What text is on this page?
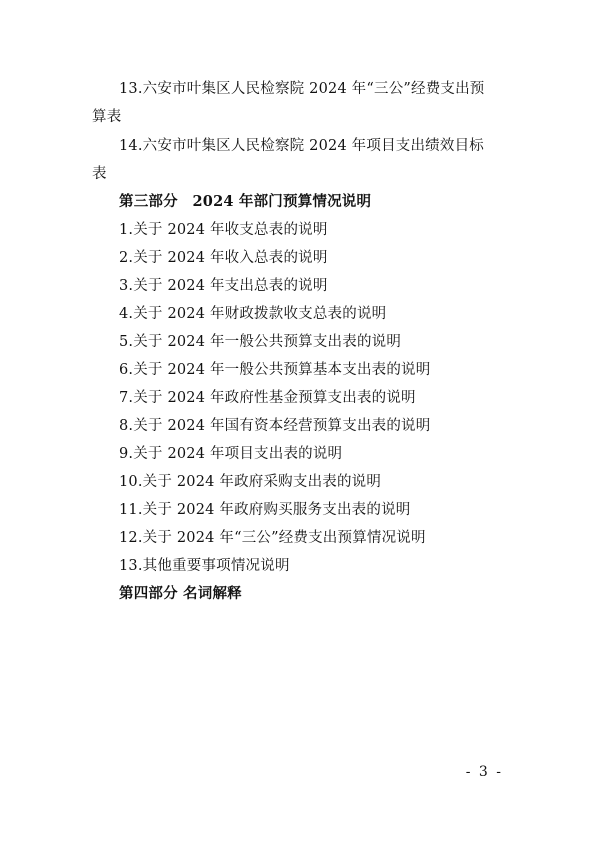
13.六安市叶集区人民检察院 2024 年“三公”经费支出预
算表
14.六安市叶集区人民检察院 2024 年项目支出绩效目标
表
第三部分　2024 年部门预算情况说明
1.关于 2024 年收支总表的说明
2.关于 2024 年收入总表的说明
3.关于 2024 年支出总表的说明
4.关于 2024 年财政拨款收支总表的说明
5.关于 2024 年一般公共预算支出表的说明
6.关于 2024 年一般公共预算基本支出表的说明
7.关于 2024 年政府性基金预算支出表的说明
8.关于 2024 年国有资本经营预算支出表的说明
9.关于 2024 年项目支出表的说明
10.关于 2024 年政府采购支出表的说明
11.关于 2024 年政府购买服务支出表的说明
12.关于 2024 年“三公”经费支出预算情况说明
13.其他重要事项情况说明
第四部分 名词解释
- 3 -
